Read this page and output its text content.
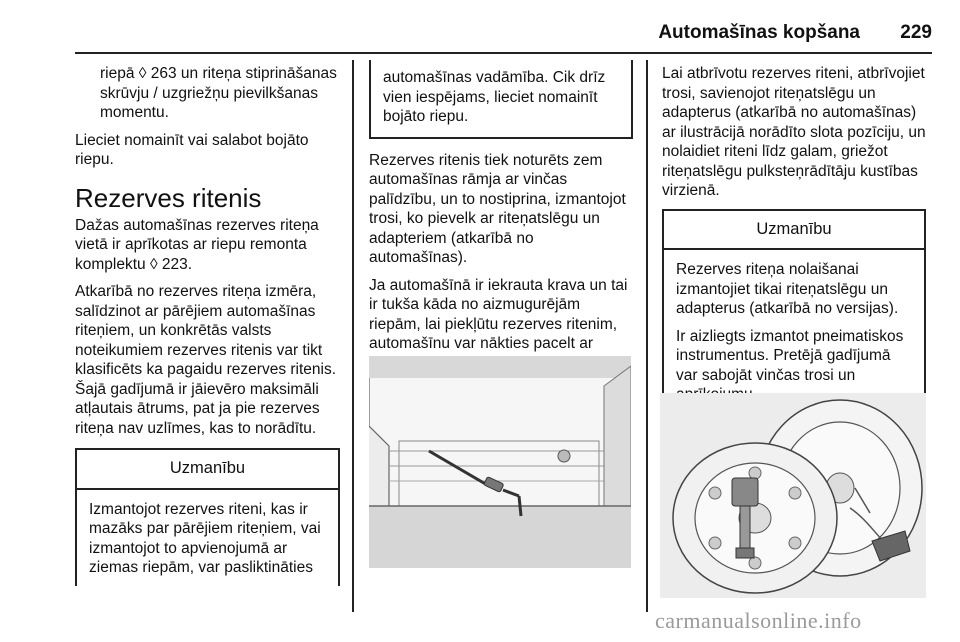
Automašīnas kopšana	229

riepā ◊ 263 un riteņa stiprināšanas skrūvju / uzgriežņu pievilkšanas momentu.

Lieciet nomainīt vai salabot bojāto riepu.

Rezerves ritenis

Dažas automašīnas rezerves riteņa vietā ir aprīkotas ar riepu remonta komplektu ◊ 223.

Atkarībā no rezerves riteņa izmēra, salīdzinot ar pārējiem automašīnas riteņiem, un konkrētās valsts noteikumiem rezerves ritenis var tikt klasificēts ka pagaidu rezerves ritenis. Šajā gadījumā ir jāievēro maksimāli atļautais ātrums, pat ja pie rezerves riteņa nav uzlīmes, kas to norādītu.

Uzmanību
Izmantojot rezerves riteni, kas ir mazāks par pārējiem riteņiem, vai izmantojot to apvienojumā ar ziemas riepām, var pasliktināties
automašīnas vadāmība. Cik drīz vien iespējams, lieciet nomainīt bojāto riepu.

Rezerves ritenis tiek noturēts zem automašīnas rāmja ar vinčas palīdzību, un to nostiprina, izmantojot trosi, ko pievelk ar riteņatslēgu un adapteriem (atkarībā no automašīnas).

Ja automašīnā ir iekrauta krava un tai ir tukša kāda no aizmugurējām riepām, lai piekļūtu rezerves ritenim, automašīnu var nākties pacelt ar

Lai atbrīvotu rezerves riteni, atbrīvojiet trosi, savienojot riteņatslēgu un adapterus (atkarībā no automašīnas) ar ilustrācijā norādīto slota pozīciju, un nolaidiet riteni līdz galam, griežot riteņatslēgu pulksteņrādītāju kustības virzienā.

Uzmanību

Rezerves riteņa nolaišanai izmantojiet tikai riteņatslēgu un adapterus (atkarībā no versijas).

Ir aizliegts izmantot pneimatiskos instrumentus. Pretējā gadījumā var sabojāt vinčas trosi un

carmanualsonline.info
